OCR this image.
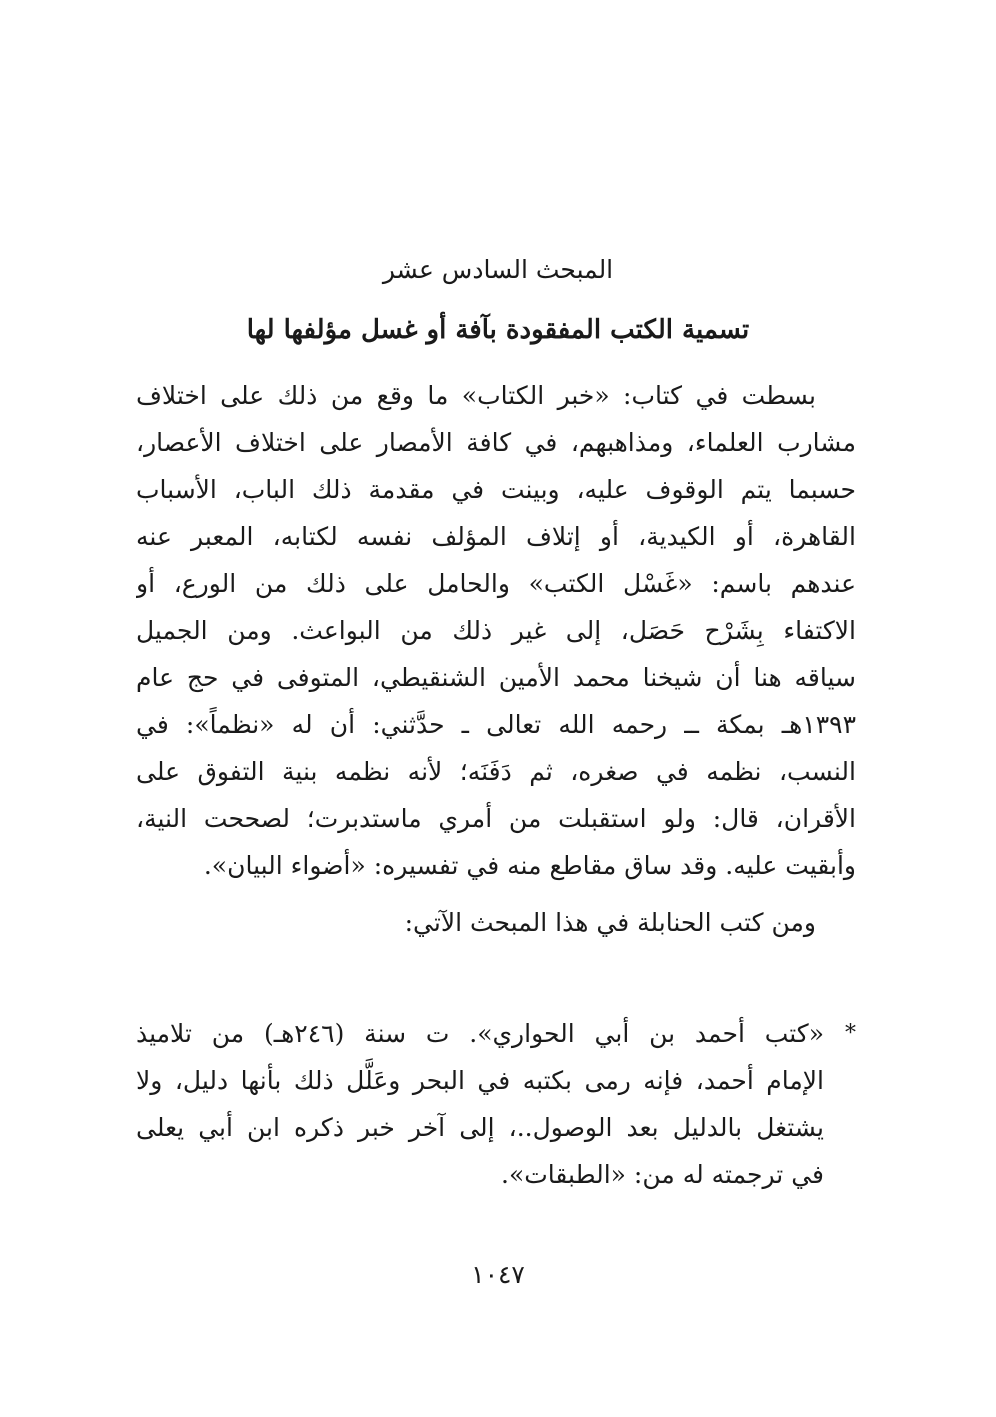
المبحث السادس عشر
تسمية الكتب المفقودة بآفة أو غسل مؤلفها لها

بسطت في كتاب: «خبر الكتاب» ما وقع من ذلك على اختلاف
مشارب العلماء، ومذاهبهم، في كافة الأمصار على اختلاف الأعصار،
حسبما يتم الوقوف عليه، وبينت في مقدمة ذلك الباب، الأسباب
القاهرة، أو الكيدية، أو إتلاف المؤلف نفسه لكتابه، المعبر عنه
عندهم باسم: «غَسْل الكتب» والحامل على ذلك من الورع، أو
الاكتفاء بِشَرْح حَصَل، إلى غير ذلك من البواعث. ومن الجميل
سياقه هنا أن شيخنا محمد الأمين الشنقيطي، المتوفى في حج عام
١٣٩٣هـ بمكة ــ رحمه الله تعالى ـ حدَّثني: أن له «نظماً»: في
النسب، نظمه في صغره، ثم دَفَنَه؛ لأنه نظمه بنية التفوق على
الأقران، قال: ولو استقبلت من أمري ماستدبرت؛ لصححت النية،
وأبقيت عليه. وقد ساق مقاطع منه في تفسيره: «أضواء البيان».

ومن كتب الحنابلة في هذا المبحث الآتي:
*
«كتب أحمد بن أبي الحواري». ت سنة (٢٤٦هـ) من تلاميذ
الإمام أحمد، فإنه رمى بكتبه في البحر وعَلَّل ذلك بأنها دليل، ولا
يشتغل بالدليل بعد الوصول..، إلى آخر خبر ذكره ابن أبي يعلى
في ترجمته له من: «الطبقات».
١٠٤٧
